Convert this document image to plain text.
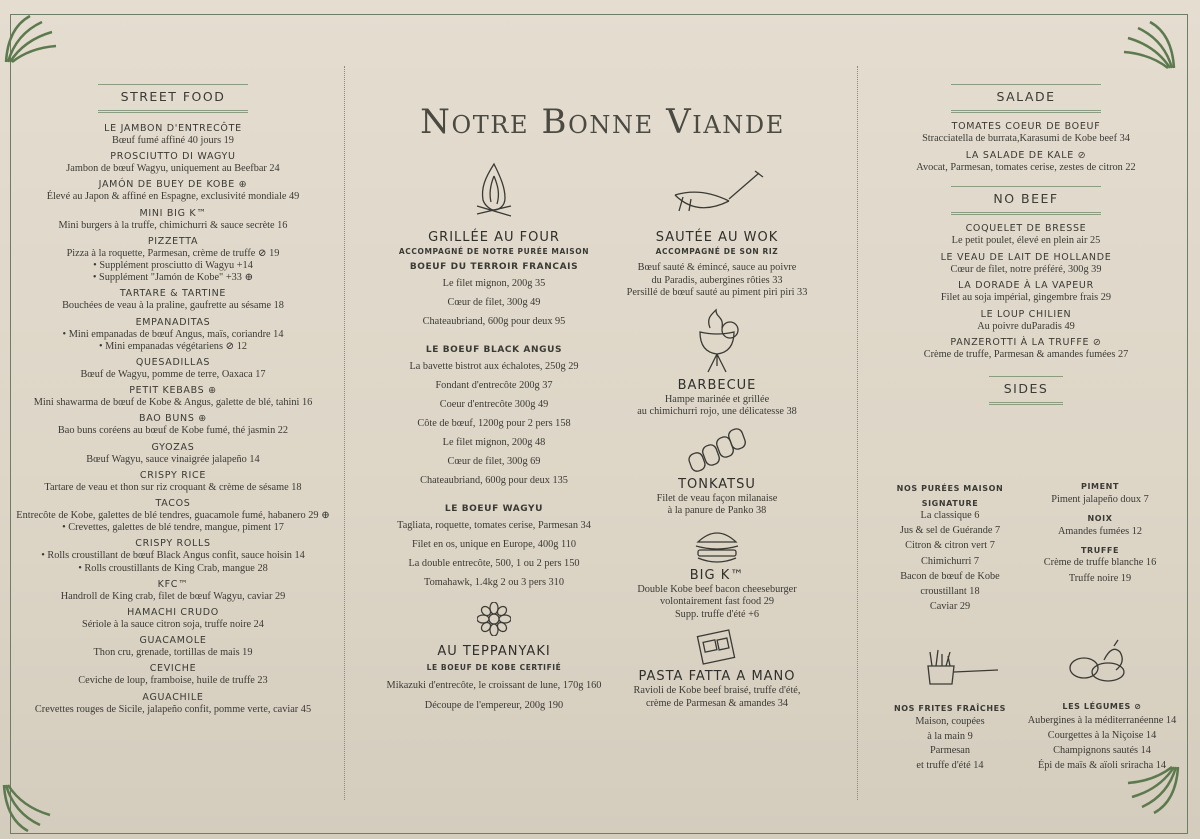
STREET FOOD
LE JAMBON D'ENTRECÔTE
Bœuf fumé affiné 40 jours 19
PROSCIUTTO DI WAGYU
Jambon de bœuf Wagyu, uniquement au Beefbar 24
JAMÓN DE BUEY DE KOBE ⊕
Élevé au Japon & affiné en Espagne, exclusivité mondiale 49
MINI BIG K™
Mini burgers à la truffe, chimichurri & sauce secrète 16
PIZZETTA
Pizza à la roquette, Parmesan, crème de truffe ⊘ 19
• Supplément prosciutto di Wagyu +14
• Supplément "Jamón de Kobe" +33 ⊕
TARTARE & TARTINE
Bouchées de veau à la praline, gaufrette au sésame 18
EMPANADITAS
• Mini empanadas de bœuf Angus, maïs, coriandre 14
• Mini empanadas végétariens ⊘ 12
QUESADILLAS
Bœuf de Wagyu, pomme de terre, Oaxaca 17
PETIT KEBABS ⊕
Mini shawarma de bœuf de Kobe & Angus, galette de blé, tahini 16
BAO BUNS ⊕
Bao buns coréens au bœuf de Kobe fumé, thé jasmin 22
GYOZAS
Bœuf Wagyu, sauce vinaigrée jalapeño 14
CRISPY RICE
Tartare de veau et thon sur riz croquant & crème de sésame 18
TACOS
Entrecôte de Kobe, galettes de blé tendres, guacamole fumé, habanero 29 ⊕
• Crevettes, galettes de blé tendre, mangue, piment 17
CRISPY ROLLS
• Rolls croustillant de bœuf Black Angus confit, sauce hoisin 14
• Rolls croustillants de King Crab, mangue 28
KFC™
Handroll de King crab, filet de bœuf Wagyu, caviar 29
HAMACHI CRUDO
Sériole à la sauce citron soja, truffe noire 24
GUACAMOLE
Thon cru, grenade, tortillas de mais 19
CEVICHE
Ceviche de loup, framboise, huile de truffe 23
AGUACHILE
Crevettes rouges de Sicile, jalapeño confit, pomme verte, caviar 45
Notre Bonne Viande
GRILLÉE AU FOUR
ACCOMPAGNÉ DE NOTRE PURÉE MAISON
BOEUF DU TERROIR FRANCAIS
Le filet mignon, 200g 35
Cœur de filet, 300g 49
Chateaubriand, 600g pour deux 95
LE BOEUF BLACK ANGUS
La bavette bistrot aux échalotes, 250g 29
Fondant d'entrecôte 200g 37
Coeur d'entrecôte 300g 49
Côte de bœuf, 1200g pour 2 pers 158
Le filet mignon, 200g 48
Cœur de filet, 300g 69
Chateaubriand, 600g pour deux 135
LE BOEUF WAGYU
Tagliata, roquette, tomates cerise, Parmesan 34
Filet en os, unique en Europe, 400g 110
La double entrecôte, 500, 1 ou 2 pers 150
Tomahawk, 1.4kg 2 ou 3 pers 310
AU TEPPANYAKI
LE BOEUF DE KOBE CERTIFIÉ
Mikazuki d'entrecôte, le croissant de lune, 170g 160
Découpe de l'empereur, 200g 190
SAUTÉE AU WOK
ACCOMPAGNÉ DE SON RIZ
Bœuf sauté & émincé, sauce au poivre
du Paradis, aubergines rôties 33
Persillé de bœuf sauté au piment piri piri 33
BARBECUE
Hampe marinée et grillée
au chimichurri rojo, une délicatesse 38
TONKATSU
Filet de veau façon milanaise
à la panure de Panko 38
BIG K™
Double Kobe beef bacon cheeseburger
volontairement fast food 29
Supp. truffe d'été +6
PASTA FATTA A MANO
Ravioli de Kobe beef braisé, truffe d'été,
crème de Parmesan & amandes 34
SALADE
TOMATES COEUR DE BOEUF
Stracciatella de burrata,Karasumi de Kobe beef 34
LA SALADE DE KALE ⊘
Avocat, Parmesan, tomates cerise, zestes de citron 22
NO BEEF
COQUELET DE BRESSE
Le petit poulet, élevé en plein air 25
LE VEAU DE LAIT DE HOLLANDE
Cœur de filet, notre préféré, 300g 39
LA DORADE À LA VAPEUR
Filet au soja impérial, gingembre frais 29
LE LOUP CHILIEN
Au poivre duParadis 49
PANZEROTTI À LA TRUFFE ⊘
Crème de truffe, Parmesan & amandes fumées 27
SIDES
NOS PURÉES MAISON
SIGNATURE
La classique 6
Jus & sel de Guérande 7
Citron & citron vert 7
Chimichurri 7
Bacon de bœuf de Kobe
croustillant 18
Caviar 29
PIMENT
Piment jalapeño doux 7
NOIX
Amandes fumées 12
TRUFFE
Crème de truffe blanche 16
Truffe noire 19
NOS FRITES FRAÎCHES
Maison, coupées
à la main 9
Parmesan
et truffe d'été 14
LES LÉGUMES ⊘
Aubergines à la méditerranéenne 14
Courgettes à la Niçoise 14
Champignons sautés 14
Épi de maïs & aïoli sriracha 14
